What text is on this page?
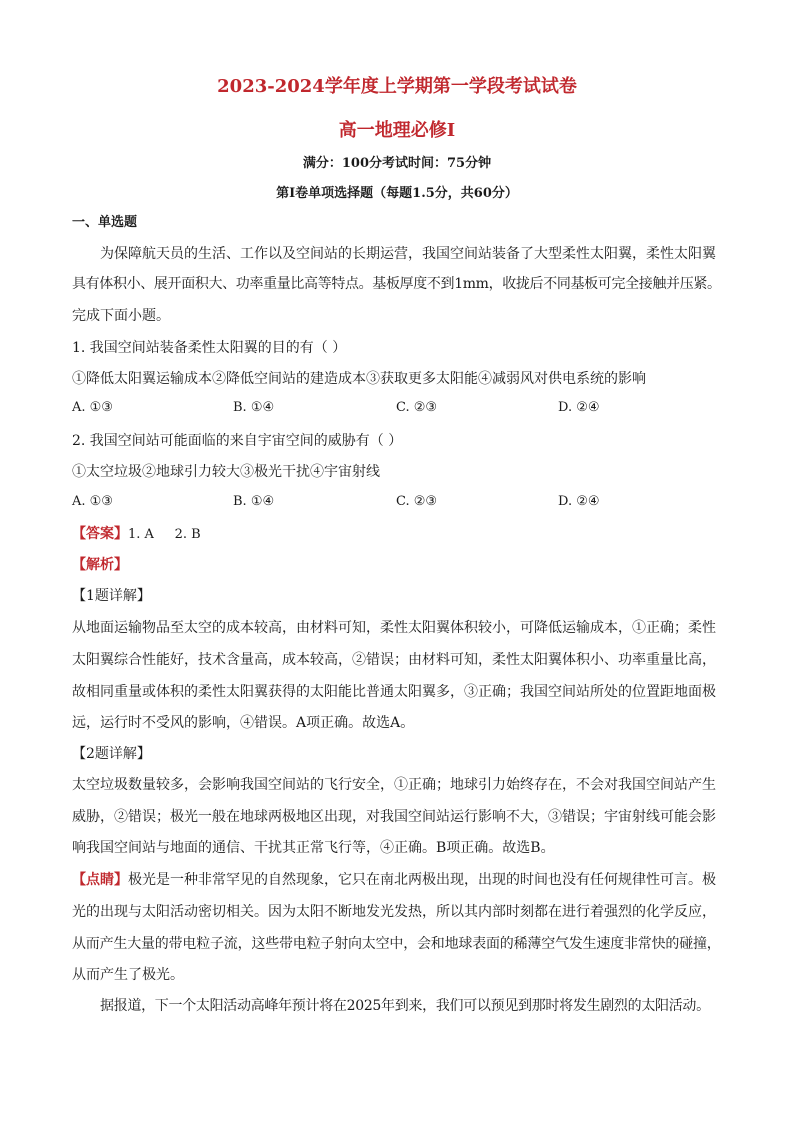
2023-2024学年度上学期第一学段考试试卷
高一地理必修Ⅰ
满分：100分考试时间：75分钟
第Ⅰ卷单项选择题（每题1.5分，共60分）
一、单选题
为保障航天员的生活、工作以及空间站的长期运营，我国空间站装备了大型柔性太阳翼，柔性太阳翼
具有体积小、展开面积大、功率重量比高等特点。基板厚度不到1mm，收拢后不同基板可完全接触并压紧。
完成下面小题。
1. 我国空间站装备柔性太阳翼的目的有（ ）
①降低太阳翼运输成本②降低空间站的建造成本③获取更多太阳能④减弱风对供电系统的影响
A. ①③	B. ①④	C. ②③	D. ②④
2. 我国空间站可能面临的来自宇宙空间的威胁有（ ）
①太空垃圾②地球引力较大③极光干扰④宇宙射线
A. ①③	B. ①④	C. ②③	D. ②④
【答案】1. A     2. B
【解析】
【1题详解】
从地面运输物品至太空的成本较高，由材料可知，柔性太阳翼体积较小，可降低运输成本，①正确；柔性
太阳翼综合性能好，技术含量高，成本较高，②错误；由材料可知，柔性太阳翼体积小、功率重量比高，
故相同重量或体积的柔性太阳翼获得的太阳能比普通太阳翼多，③正确；我国空间站所处的位置距地面极
远，运行时不受风的影响，④错误。A项正确。故选A。
【2题详解】
太空垃圾数量较多，会影响我国空间站的飞行安全，①正确；地球引力始终存在，不会对我国空间站产生
威胁，②错误；极光一般在地球两极地区出现，对我国空间站运行影响不大，③错误；宇宙射线可能会影
响我国空间站与地面的通信、干扰其正常飞行等，④正确。B项正确。故选B。
【点睛】极光是一种非常罕见的自然现象，它只在南北两极出现，出现的时间也没有任何规律性可言。极
光的出现与太阳活动密切相关。因为太阳不断地发光发热，所以其内部时刻都在进行着强烈的化学反应，
从而产生大量的带电粒子流，这些带电粒子射向太空中，会和地球表面的稀薄空气发生速度非常快的碰撞，
从而产生了极光。
据报道，下一个太阳活动高峰年预计将在2025年到来，我们可以预见到那时将发生剧烈的太阳活动。
